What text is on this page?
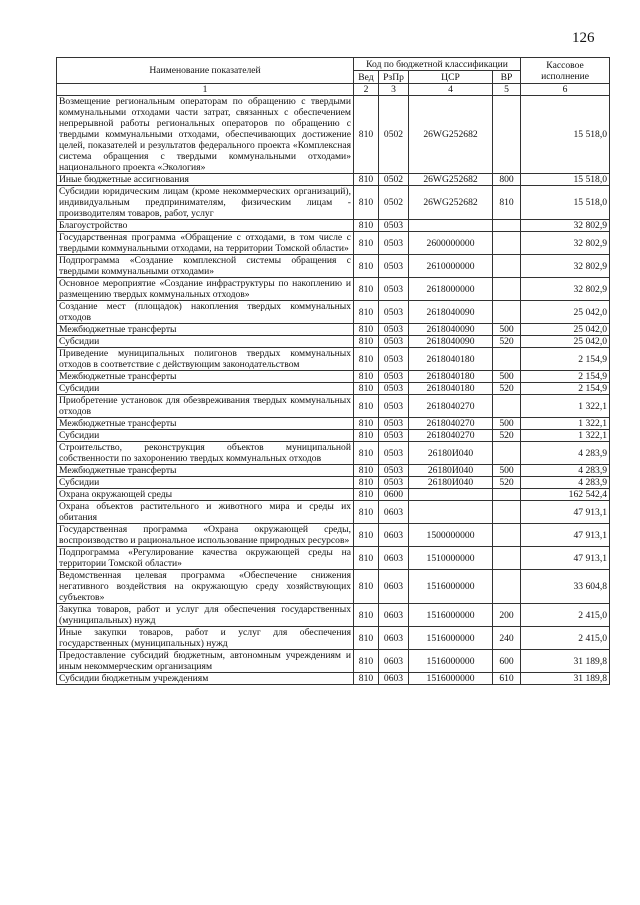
126
Наименование показателей	Код по бюджетной классификации				Кассовое исполнение
	Вед	РзПр	ЦСР	ВР	
1	2	3	4	5	6
Возмещение региональным операторам по обращению с твердыми коммунальными отходами части затрат, связанных с обеспечением непрерывной работы региональных операторов по обращению с твердыми коммунальными отходами, обеспечивающих достижение целей, показателей и результатов федерального проекта «Комплексная система обращения с твердыми коммунальными отходами» национального проекта «Экология»	810	0502	26WG252682		15 518,0
Иные бюджетные ассигнования	810	0502	26WG252682	800	15 518,0
Субсидии юридическим лицам (кроме некоммерческих организаций), индивидуальным предпринимателям, физическим лицам - производителям товаров, работ, услуг	810	0502	26WG252682	810	15 518,0
Благоустройство	810	0503			32 802,9
Государственная программа «Обращение с отходами, в том числе с твердыми коммунальными отходами, на территории Томской области»	810	0503	2600000000		32 802,9
Подпрограмма «Создание комплексной системы обращения с твердыми коммунальными отходами»	810	0503	2610000000		32 802,9
Основное мероприятие «Создание инфраструктуры по накоплению и размещению твердых коммунальных отходов»	810	0503	2618000000		32 802,9
Создание мест (площадок) накопления твердых коммунальных отходов	810	0503	2618040090		25 042,0
Межбюджетные трансферты	810	0503	2618040090	500	25 042,0
Субсидии	810	0503	2618040090	520	25 042,0
Приведение муниципальных полигонов твердых коммунальных отходов в соответствие с действующим законодательством	810	0503	2618040180		2 154,9
Межбюджетные трансферты	810	0503	2618040180	500	2 154,9
Субсидии	810	0503	2618040180	520	2 154,9
Приобретение установок для обезвреживания твердых коммунальных отходов	810	0503	2618040270		1 322,1
Межбюджетные трансферты	810	0503	2618040270	500	1 322,1
Субсидии	810	0503	2618040270	520	1 322,1
Строительство, реконструкция объектов муниципальной собственности по захоронению твердых коммунальных отходов	810	0503	26180И040		4 283,9
Межбюджетные трансферты	810	0503	26180И040	500	4 283,9
Субсидии	810	0503	26180И040	520	4 283,9
Охрана окружающей среды	810	0600			162 542,4
Охрана объектов растительного и животного мира и среды их обитания	810	0603			47 913,1
Государственная программа «Охрана окружающей среды, воспроизводство и рациональное использование природных ресурсов»	810	0603	1500000000		47 913,1
Подпрограмма «Регулирование качества окружающей среды на территории Томской области»	810	0603	1510000000		47 913,1
Ведомственная целевая программа «Обеспечение снижения негативного воздействия на окружающую среду хозяйствующих субъектов»	810	0603	1516000000		33 604,8
Закупка товаров, работ и услуг для обеспечения государственных (муниципальных) нужд	810	0603	1516000000	200	2 415,0
Иные закупки товаров, работ и услуг для обеспечения государственных (муниципальных) нужд	810	0603	1516000000	240	2 415,0
Предоставление субсидий бюджетным, автономным учреждениям и иным некоммерческим организациям	810	0603	1516000000	600	31 189,8
Субсидии бюджетным учреждениям	810	0603	1516000000	610	31 189,8
